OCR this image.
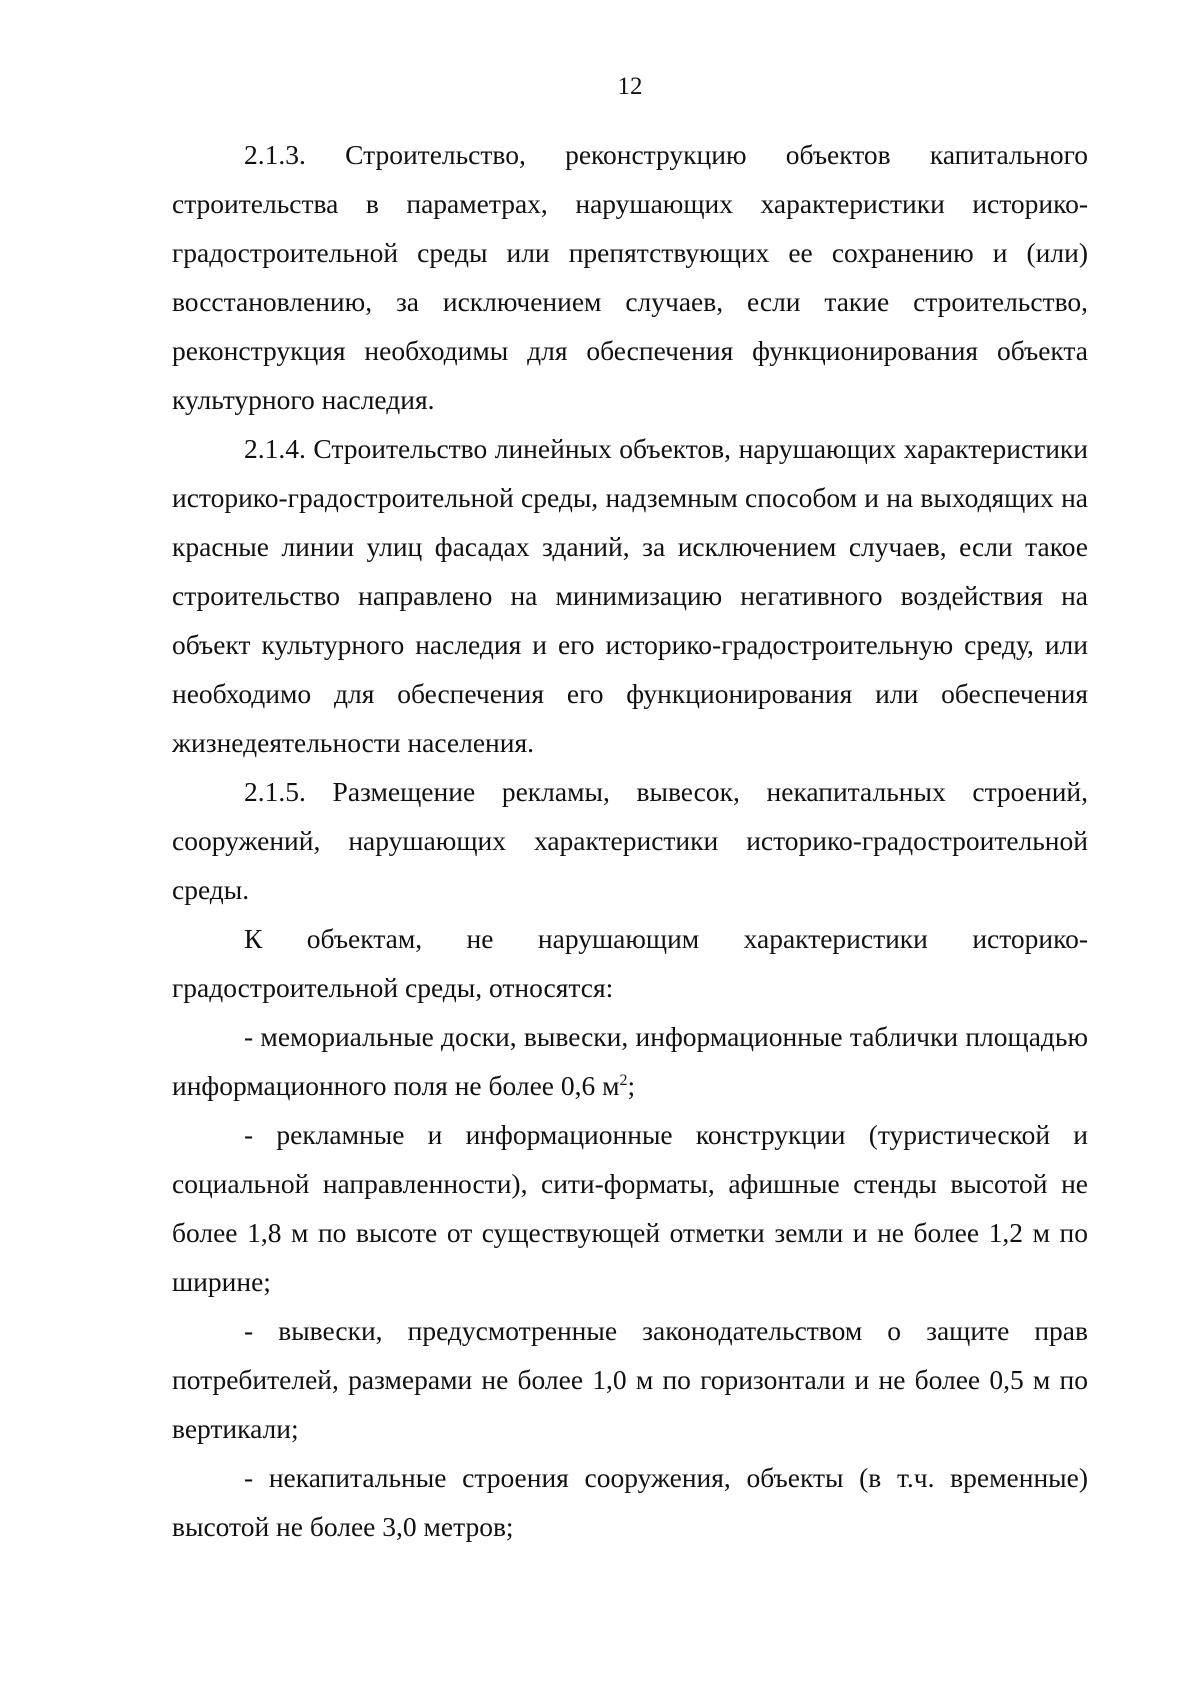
12

2.1.3. Строительство, реконструкцию объектов капитального строительства в параметрах, нарушающих характеристики историко-градостроительной среды или препятствующих ее сохранению и (или) восстановлению, за исключением случаев, если такие строительство, реконструкция необходимы для обеспечения функционирования объекта культурного наследия.

2.1.4. Строительство линейных объектов, нарушающих характеристики историко-градостроительной среды, надземным способом и на выходящих на красные линии улиц фасадах зданий, за исключением случаев, если такое строительство направлено на минимизацию негативного воздействия на объект культурного наследия и его историко-градостроительную среду, или необходимо для обеспечения его функционирования или обеспечения жизнедеятельности населения.

2.1.5. Размещение рекламы, вывесок, некапитальных строений, сооружений, нарушающих характеристики историко-градостроительной среды.

К объектам, не нарушающим характеристики историко-градостроительной среды, относятся:

- мемориальные доски, вывески, информационные таблички площадью информационного поля не более 0,6 $м^2$;

- рекламные и информационные конструкции (туристической и социальной направленности), сити-форматы, афишные стенды высотой не более 1,8 м по высоте от существующей отметки земли и не более 1,2 м по ширине;

- вывески, предусмотренные законодательством о защите прав потребителей, размерами не более 1,0 м по горизонтали и не более 0,5 м по вертикали;

- некапитальные строения сооружения, объекты (в т.ч. временные) высотой не более 3,0 метров;
